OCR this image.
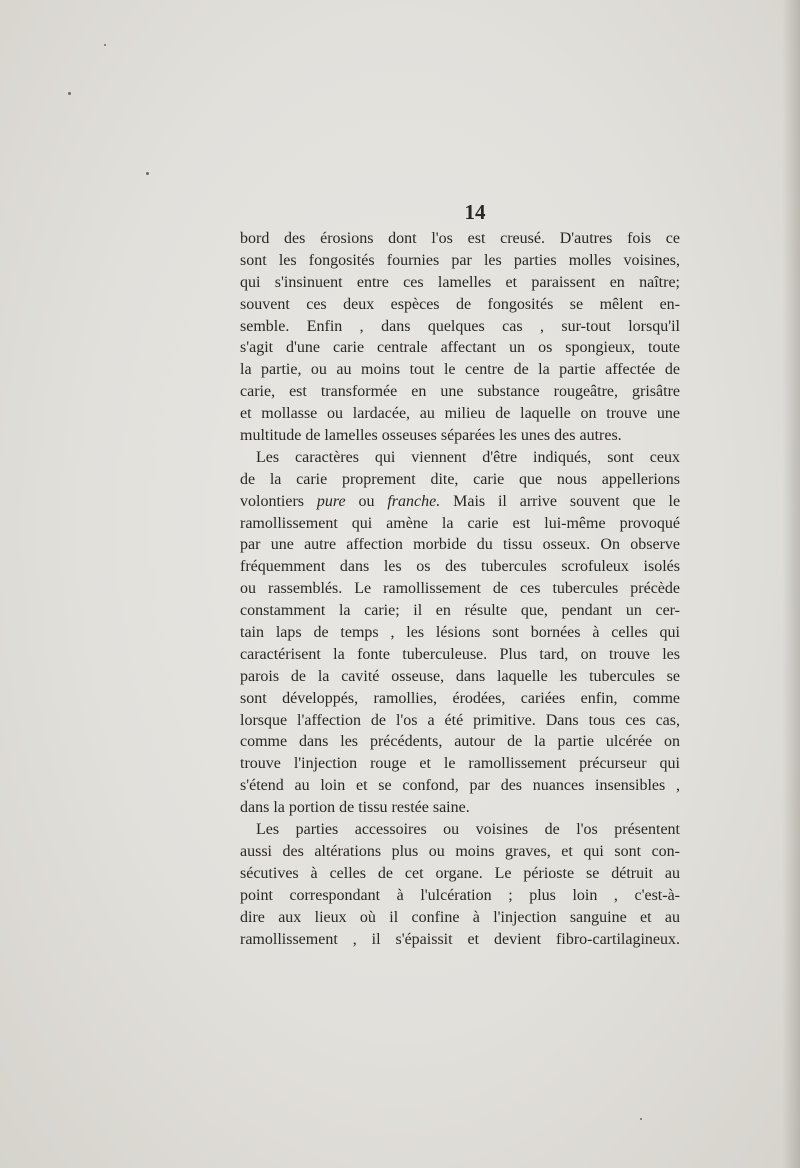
14
bord des érosions dont l'os est creusé. D'autres fois ce
sont les fongosités fournies par les parties molles voisines,
qui s'insinuent entre ces lamelles et paraissent en naître;
souvent ces deux espèces de fongosités se mêlent en-
semble. Enfin , dans quelques cas , sur-tout lorsqu'il
s'agit d'une carie centrale affectant un os spongieux, toute
la partie, ou au moins tout le centre de la partie affectée de
carie, est transformée en une substance rougeâtre, grisâtre
et mollasse ou lardacée, au milieu de laquelle on trouve une
multitude de lamelles osseuses séparées les unes des autres.
Les caractères qui viennent d'être indiqués, sont ceux
de la carie proprement dite, carie que nous appellerions
volontiers pure ou franche. Mais il arrive souvent que le
ramollissement qui amène la carie est lui-même provoqué
par une autre affection morbide du tissu osseux. On observe
fréquemment dans les os des tubercules scrofuleux isolés
ou rassemblés. Le ramollissement de ces tubercules précède
constamment la carie; il en résulte que, pendant un cer-
tain laps de temps , les lésions sont bornées à celles qui
caractérisent la fonte tuberculeuse. Plus tard, on trouve les
parois de la cavité osseuse, dans laquelle les tubercules se
sont développés, ramollies, érodées, cariées enfin, comme
lorsque l'affection de l'os a été primitive. Dans tous ces cas,
comme dans les précédents, autour de la partie ulcérée on
trouve l'injection rouge et le ramollissement précurseur qui
s'étend au loin et se confond, par des nuances insensibles ,
dans la portion de tissu restée saine.
Les parties accessoires ou voisines de l'os présentent
aussi des altérations plus ou moins graves, et qui sont con-
sécutives à celles de cet organe. Le périoste se détruit au
point correspondant à l'ulcération ; plus loin , c'est-à-
dire aux lieux où il confine à l'injection sanguine et au
ramollissement , il s'épaissit et devient fibro-cartilagineux.
